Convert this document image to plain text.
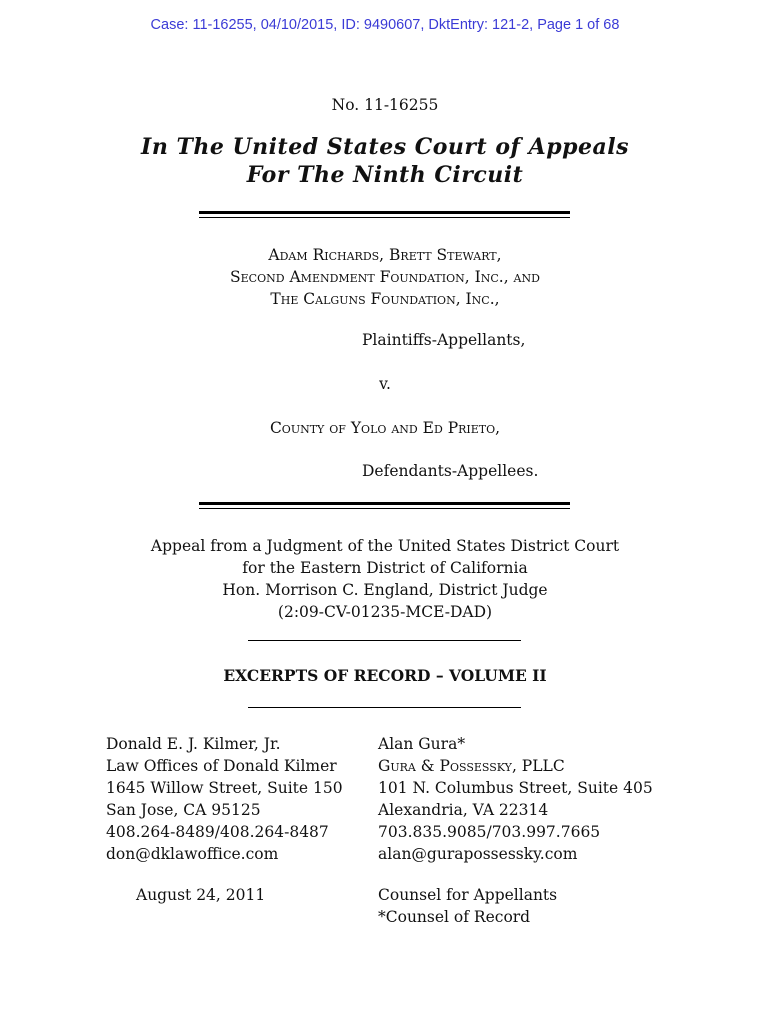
Case: 11-16255, 04/10/2015, ID: 9490607, DktEntry: 121-2, Page 1 of 68
No. 11-16255
In The United States Court of Appeals
For The Ninth Circuit
Adam Richards, Brett Stewart,
Second Amendment Foundation, Inc., and
The Calguns Foundation, Inc.,
Plaintiffs-Appellants,
v.
County of Yolo and Ed Prieto,
Defendants-Appellees.
Appeal from a Judgment of the United States District Court
for the Eastern District of California
Hon. Morrison C. England, District Judge
(2:09-CV-01235-MCE-DAD)
EXCERPTS OF RECORD – VOLUME II
Donald E. J. Kilmer, Jr.
Law Offices of Donald Kilmer
1645 Willow Street, Suite 150
San Jose, CA 95125
408.264-8489/408.264-8487
don@dklawoffice.com
August 24, 2011
Alan Gura*
Gura & Possessky, PLLC
101 N. Columbus Street, Suite 405
Alexandria, VA 22314
703.835.9085/703.997.7665
alan@gurapossessky.com
Counsel for Appellants
*Counsel of Record
